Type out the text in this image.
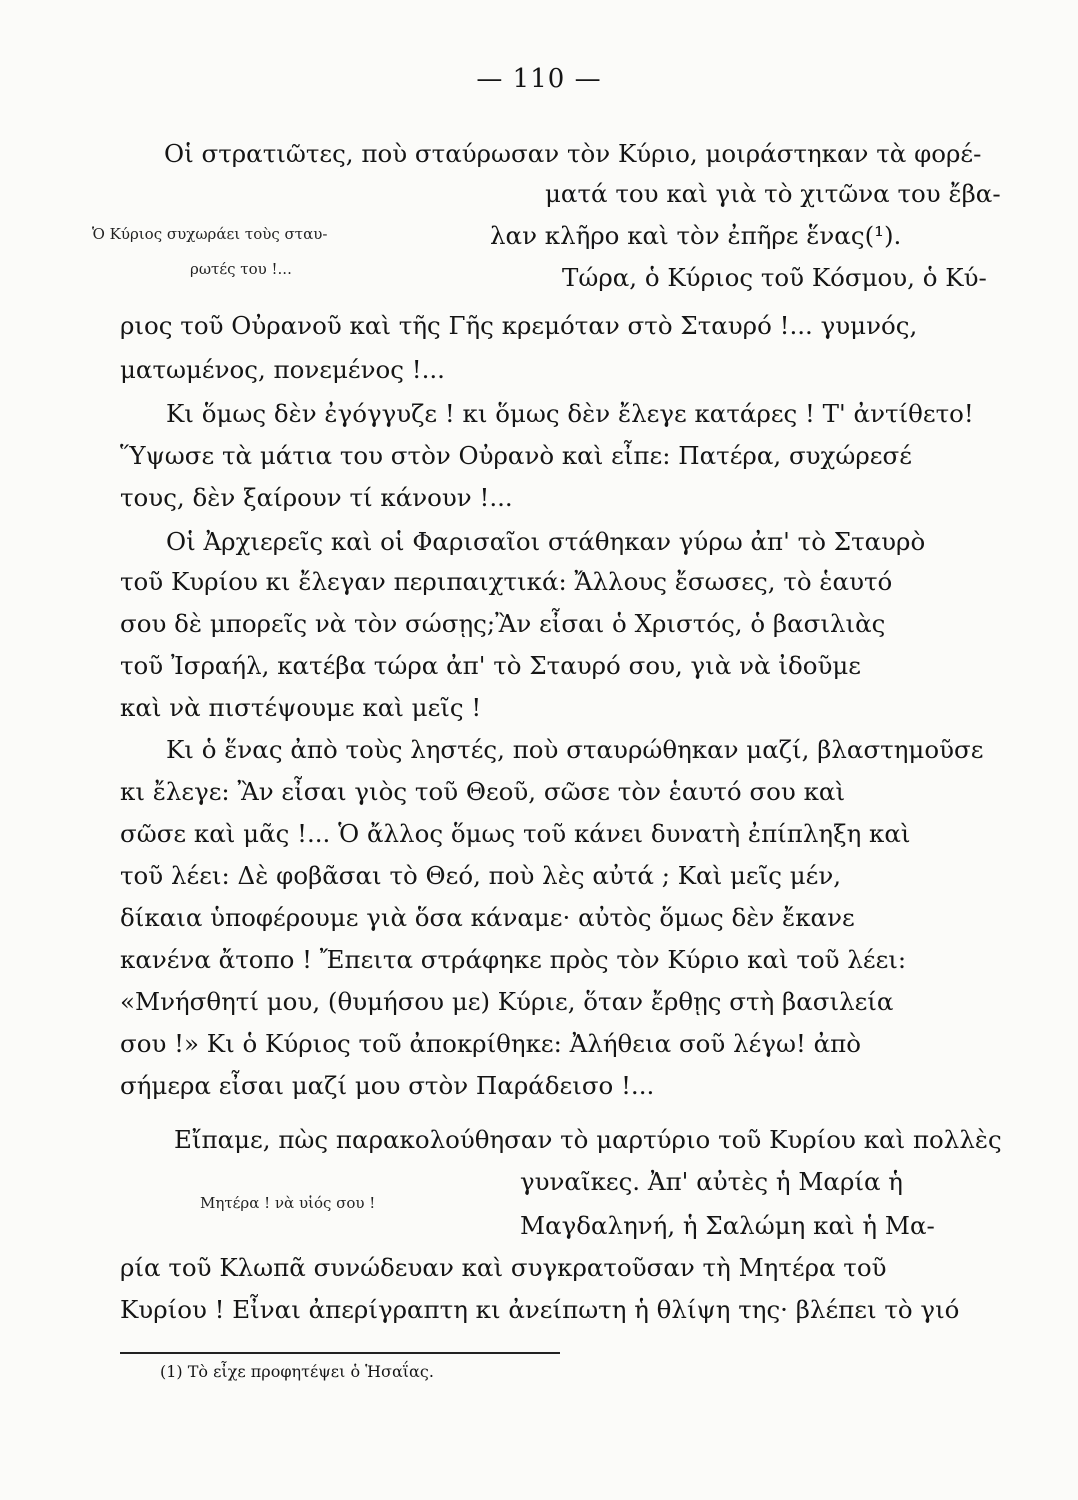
— 110 —
Ὁ Κύριος συχωράει τοὺς σταυ-
ρωτές του !...
Μητέρα ! νὰ υἱός σου !
Οἱ στρατιῶτες, ποὺ σταύρωσαν τὸν Κύριο, μοιράστηκαν τὰ φορέ-
ματά του καὶ γιὰ τὸ χιτῶνα του ἔβα-
λαν κλῆρο καὶ τὸν ἐπῆρε ἕνας(¹).
Τώρα, ὁ Κύριος τοῦ Κόσμου, ὁ Κύ-
ριος τοῦ Οὐρανοῦ καὶ τῆς Γῆς κρεμόταν στὸ Σταυρό !... γυμνός,
ματωμένος, πονεμένος !...
Κι ὅμως δὲν ἐγόγγυζε ! κι ὅμως δὲν ἔλεγε κατάρες ! Τ' ἀντίθετο!
Ὕψωσε τὰ μάτια του στὸν Οὐρανὸ καὶ εἶπε: Πατέρα, συχώρεσέ
τους, δὲν ξαίρουν τί κάνουν !...
Οἱ Ἀρχιερεῖς καὶ οἱ Φαρισαῖοι στάθηκαν γύρω ἀπ' τὸ Σταυρὸ
τοῦ Κυρίου κι ἔλεγαν περιπαιχτικά: Ἄλλους ἔσωσες, τὸ ἑαυτό
σου δὲ μπορεῖς νὰ τὸν σώσῃς;Ἂν εἶσαι ὁ Χριστός, ὁ βασιλιὰς
τοῦ Ἰσραήλ, κατέβα τώρα ἀπ' τὸ Σταυρό σου, γιὰ νὰ ἰδοῦμε
καὶ νὰ πιστέψουμε καὶ μεῖς !
Κι ὁ ἕνας ἀπὸ τοὺς ληστές, ποὺ σταυρώθηκαν μαζί, βλαστημοῦσε
κι ἔλεγε: Ἂν εἶσαι γιὸς τοῦ Θεοῦ, σῶσε τὸν ἑαυτό σου καὶ
σῶσε καὶ μᾶς !... Ὁ ἄλλος ὅμως τοῦ κάνει δυνατὴ ἐπίπληξη καὶ
τοῦ λέει: Δὲ φοβᾶσαι τὸ Θεό, ποὺ λὲς αὐτά ; Καὶ μεῖς μέν,
δίκαια ὑποφέρουμε γιὰ ὅσα κάναμε· αὐτὸς ὅμως δὲν ἔκανε
κανένα ἄτοπο ! Ἔπειτα στράφηκε πρὸς τὸν Κύριο καὶ τοῦ λέει:
«Μνήσθητί μου, (θυμήσου με) Κύριε, ὅταν ἔρθῃς στὴ βασιλεία
σου !» Κι ὁ Κύριος τοῦ ἀποκρίθηκε: Ἀλήθεια σοῦ λέγω! ἀπὸ
σήμερα εἶσαι μαζί μου στὸν Παράδεισο !...
Εἴπαμε, πὼς παρακολούθησαν τὸ μαρτύριο τοῦ Κυρίου καὶ πολλὲς
γυναῖκες. Ἀπ' αὐτὲς ἡ Μαρία ἡ
Μαγδαληνή, ἡ Σαλώμη καὶ ἡ Μα-
ρία τοῦ Κλωπᾶ συνώδευαν καὶ συγκρατοῦσαν τὴ Μητέρα τοῦ
Κυρίου ! Εἶναι ἀπερίγραπτη κι ἀνείπωτη ἡ θλίψη της· βλέπει τὸ γιό
(1) Τὸ εἶχε προφητέψει ὁ Ἡσαΐας.
